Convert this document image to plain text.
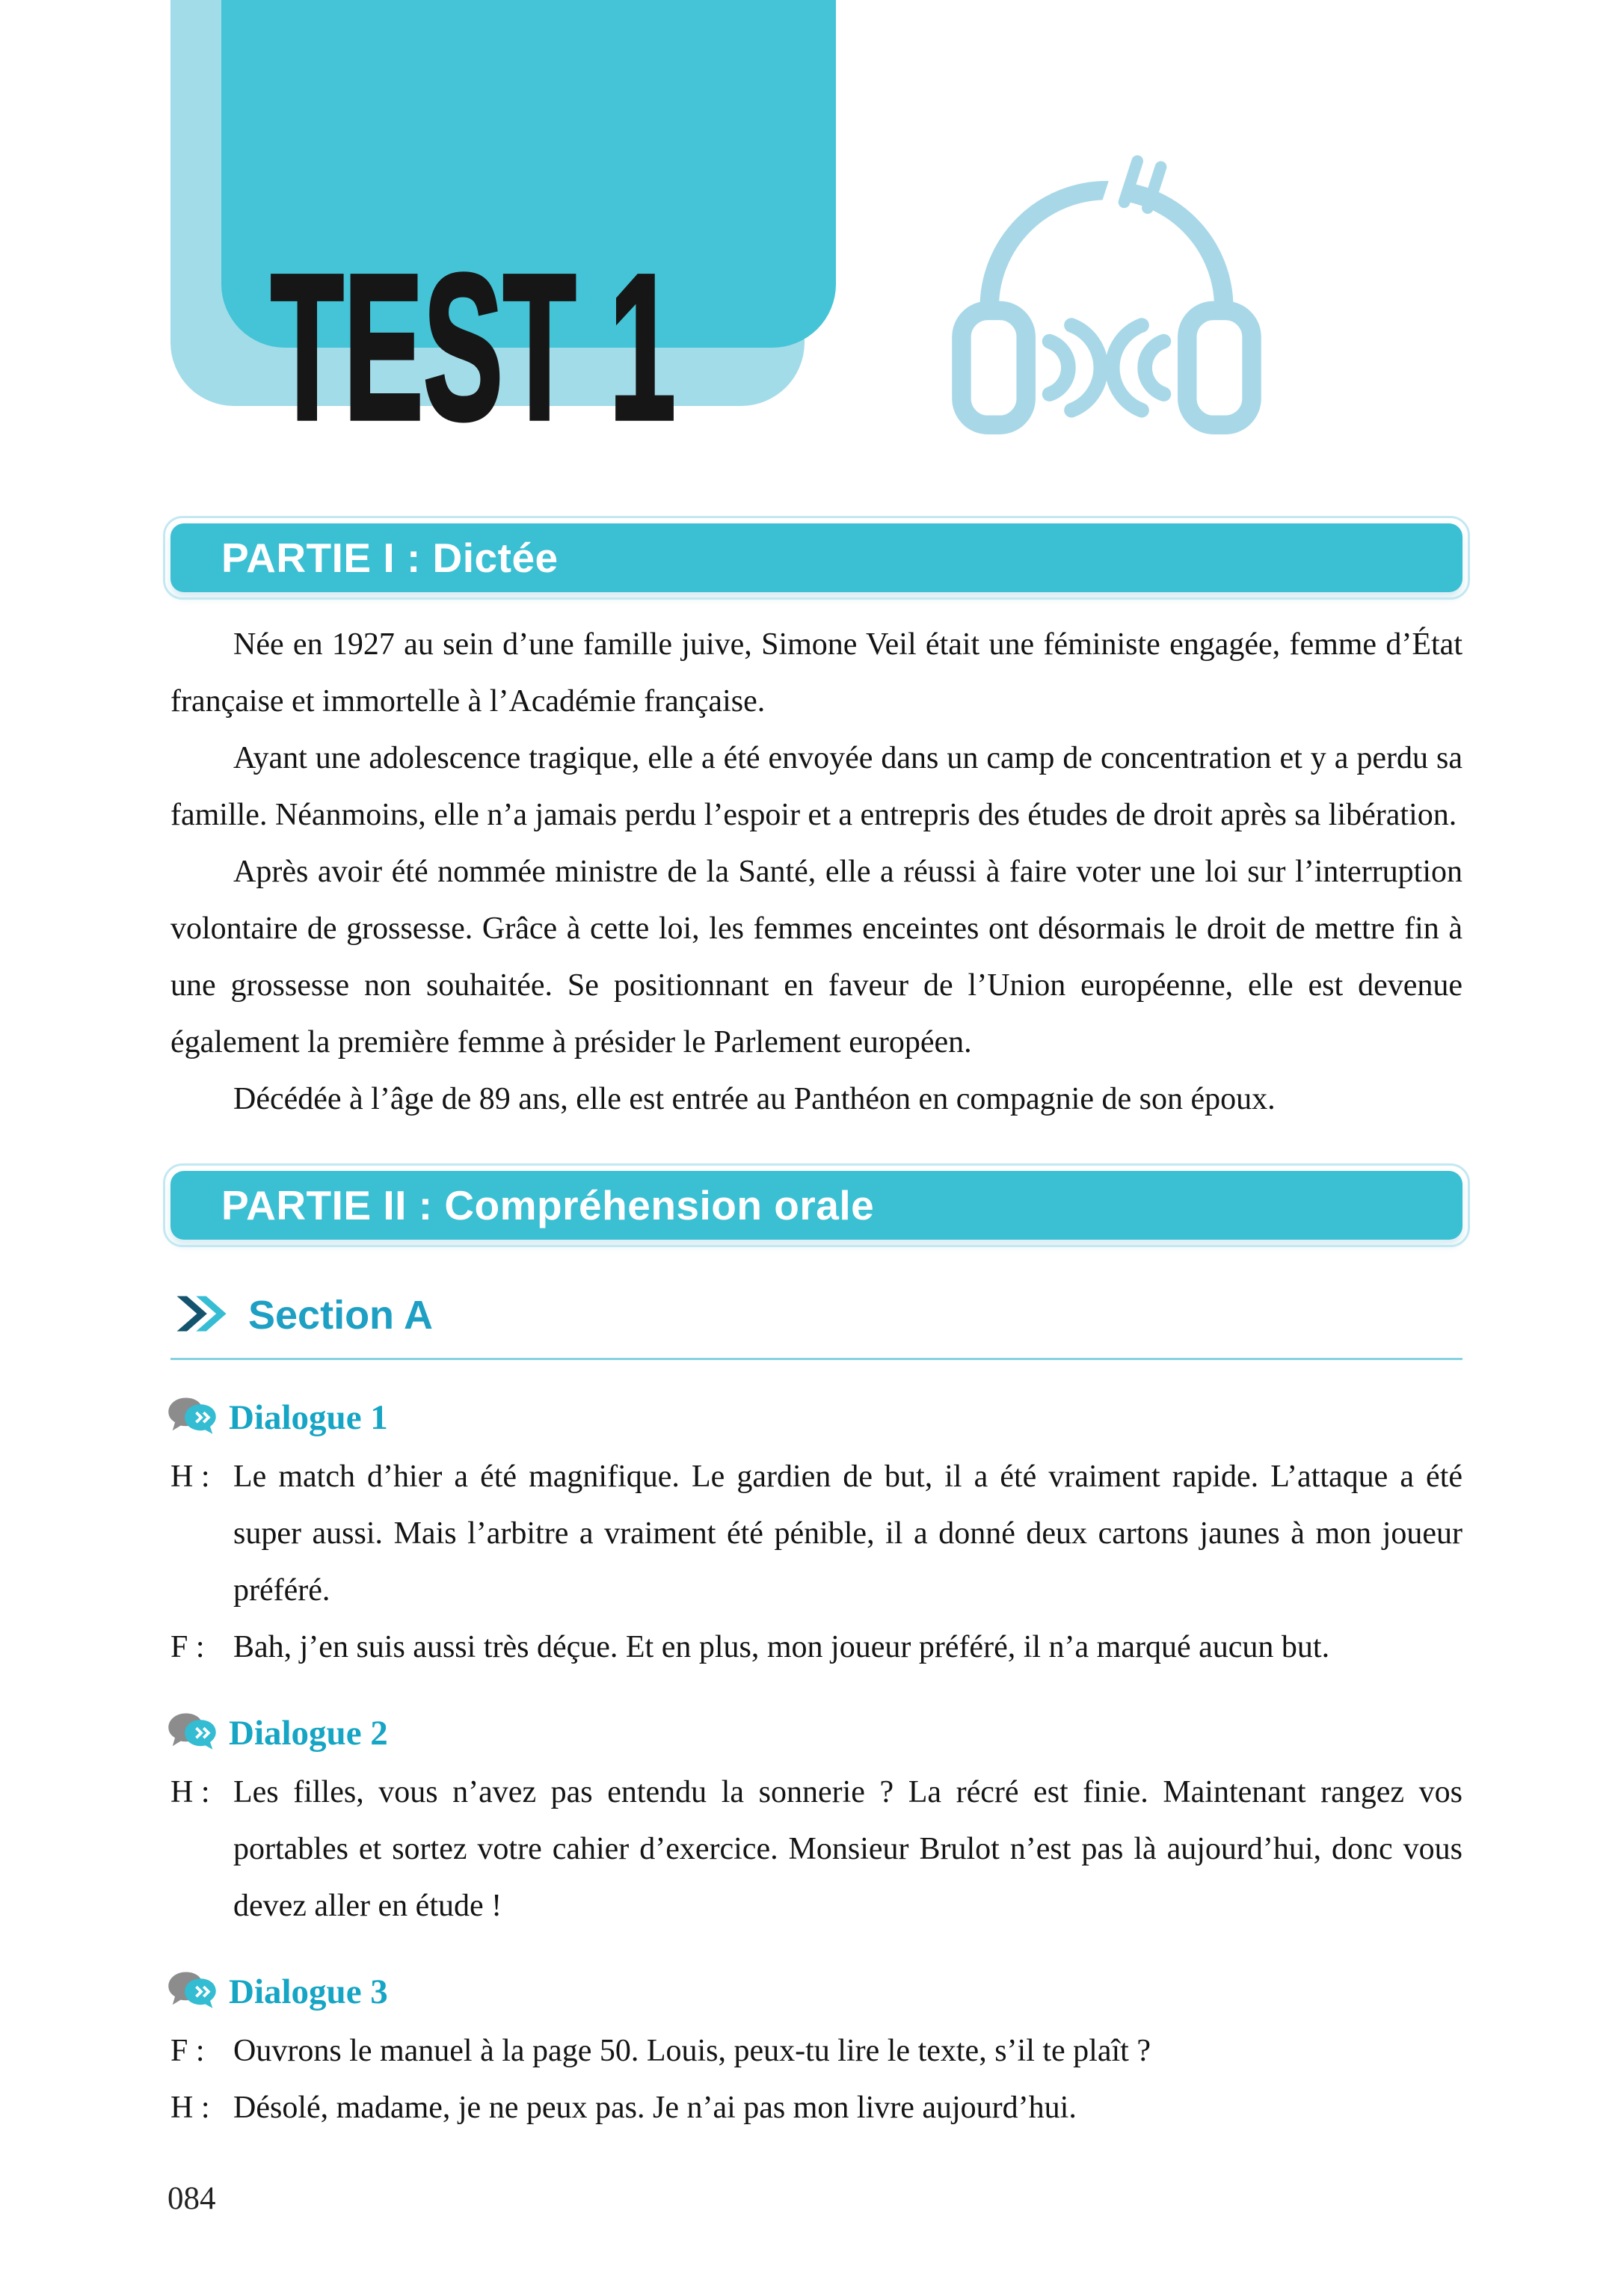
TEST 1
PARTIE I : Dictée

Née en 1927 au sein d’une famille juive, Simone Veil était une féministe engagée, femme d’État française et immortelle à l’Académie française.

Ayant une adolescence tragique, elle a été envoyée dans un camp de concentration et y a perdu sa famille. Néanmoins, elle n’a jamais perdu l’espoir et a entrepris des études de droit après sa libération.

Après avoir été nommée ministre de la Santé, elle a réussi à faire voter une loi sur l’interruption volontaire de grossesse. Grâce à cette loi, les femmes enceintes ont désormais le droit de mettre fin à une grossesse non souhaitée. Se positionnant en faveur de l’Union européenne, elle est devenue également la première femme à présider le Parlement européen.

Décédée à l’âge de 89 ans, elle est entrée au Panthéon en compagnie de son époux.

PARTIE II : Compréhension orale
Section A
Dialogue 1
H : Le match d’hier a été magnifique. Le gardien de but, il a été vraiment rapide. L’attaque a été super aussi. Mais l’arbitre a vraiment été pénible, il a donné deux cartons jaunes à mon joueur préféré.
F : Bah, j’en suis aussi très déçue. Et en plus, mon joueur préféré, il n’a marqué aucun but.
Dialogue 2
H : Les filles, vous n’avez pas entendu la sonnerie ? La récré est finie. Maintenant rangez vos portables et sortez votre cahier d’exercice. Monsieur Brulot n’est pas là aujourd’hui, donc vous devez aller en étude !
Dialogue 3
F : Ouvrons le manuel à la page 50. Louis, peux-tu lire le texte, s’il te plaît ?
H : Désolé, madame, je ne peux pas. Je n’ai pas mon livre aujourd’hui.
084
